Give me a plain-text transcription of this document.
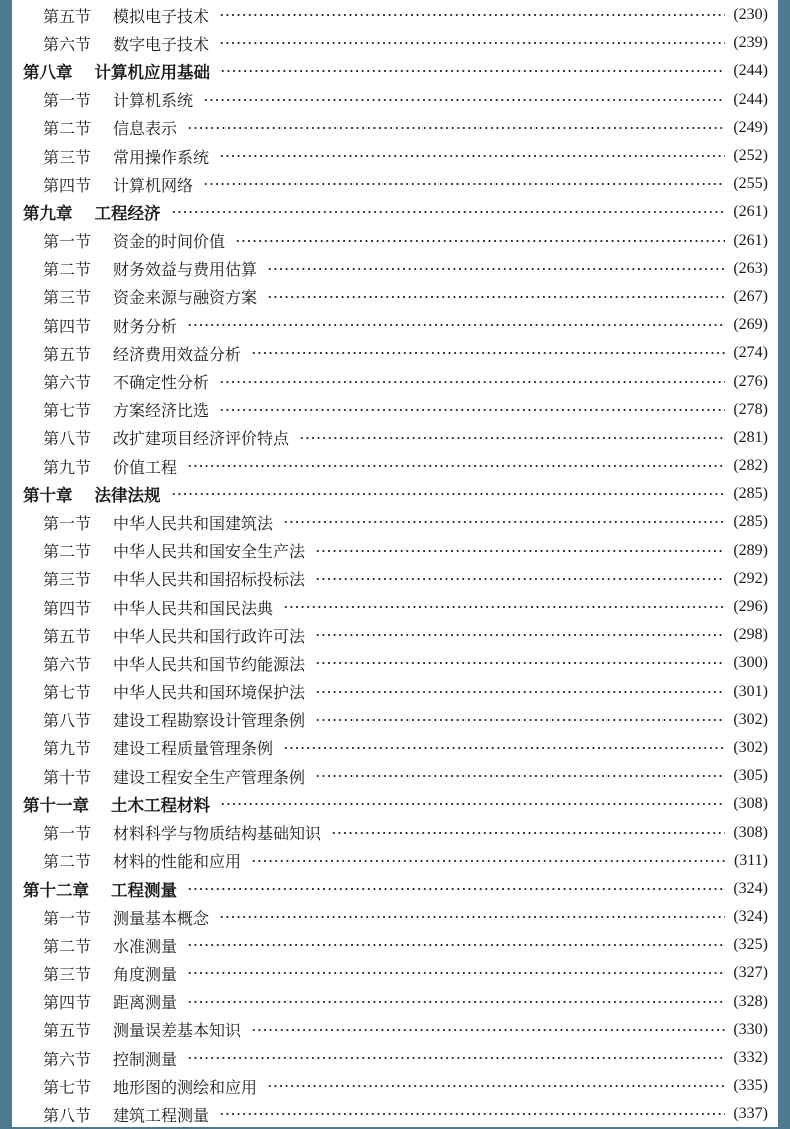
第五节 模拟电子技术	(230)
第六节 数字电子技术	(239)
第八章 计算机应用基础	(244)
第一节 计算机系统	(244)
第二节 信息表示	(249)
第三节 常用操作系统	(252)
第四节 计算机网络	(255)
第九章 工程经济	(261)
第一节 资金的时间价值	(261)
第二节 财务效益与费用估算	(263)
第三节 资金来源与融资方案	(267)
第四节 财务分析	(269)
第五节 经济费用效益分析	(274)
第六节 不确定性分析	(276)
第七节 方案经济比选	(278)
第八节 改扩建项目经济评价特点	(281)
第九节 价值工程	(282)
第十章 法律法规	(285)
第一节 中华人民共和国建筑法	(285)
第二节 中华人民共和国安全生产法	(289)
第三节 中华人民共和国招标投标法	(292)
第四节 中华人民共和国民法典	(296)
第五节 中华人民共和国行政许可法	(298)
第六节 中华人民共和国节约能源法	(300)
第七节 中华人民共和国环境保护法	(301)
第八节 建设工程勘察设计管理条例	(302)
第九节 建设工程质量管理条例	(302)
第十节 建设工程安全生产管理条例	(305)
第十一章 土木工程材料	(308)
第一节 材料科学与物质结构基础知识	(308)
第二节 材料的性能和应用	(311)
第十二章 工程测量	(324)
第一节 测量基本概念	(324)
第二节 水准测量	(325)
第三节 角度测量	(327)
第四节 距离测量	(328)
第五节 测量误差基本知识	(330)
第六节 控制测量	(332)
第七节 地形图的测绘和应用	(335)
第八节 建筑工程测量	(337)
